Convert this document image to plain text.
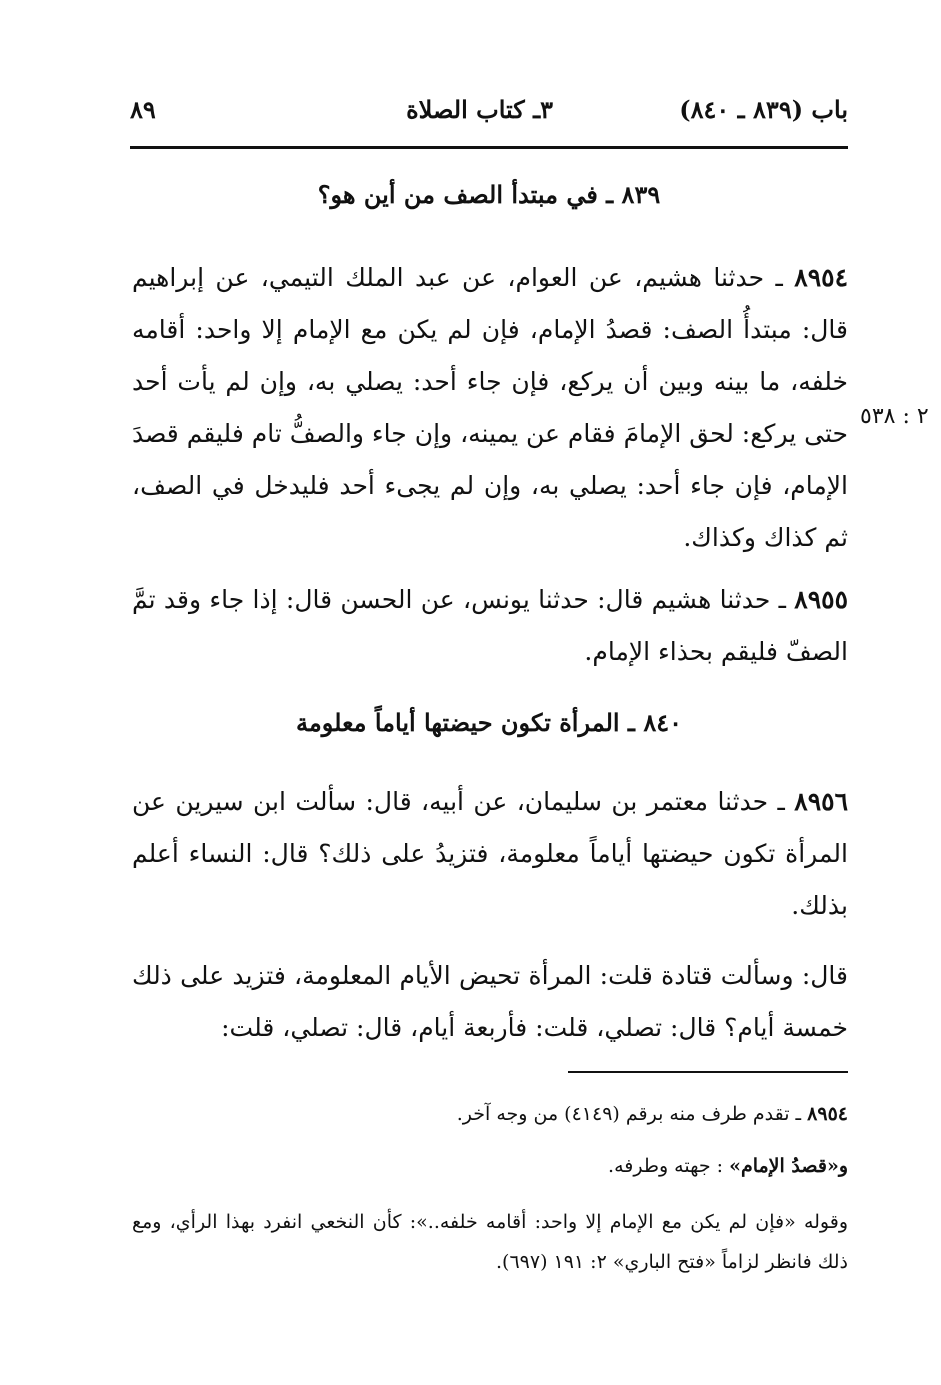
باب (٨٣٩ ـ ٨٤٠)
٣ـ كتاب الصلاة
٨٩
٨٣٩ ـ في مبتدأ الصف من أين هو؟

٨٩٥٤ ـ حدثنا هشيم، عن العوام، عن عبد الملك التيمي، عن إبراهيم قال: مبتدأُ الصف: قصدُ الإمام، فإن لم يكن مع الإمام إلا واحد: أقامه خلفه، ما بينه وبين أن يركع، فإن جاء أحد: يصلي به، وإن لم يأت أحد حتى يركع: لحق الإمامَ فقام عن يمينه، وإن جاء والصفُّ تام فليقم قصدَ الإمام، فإن جاء أحد: يصلي به، وإن لم يجىء أحد فليدخل في الصف، ثم كذاك وكذاك.

٢ : ٥٣٨

٨٩٥٥ ـ حدثنا هشيم قال: حدثنا يونس، عن الحسن قال: إذا جاء وقد تمَّ الصفّ فليقم بحذاء الإمام.

٨٤٠ ـ المرأة تكون حيضتها أياماً معلومة

٨٩٥٦ ـ حدثنا معتمر بن سليمان، عن أبيه، قال: سألت ابن سيرين عن المرأة تكون حيضتها أياماً معلومة، فتزيدُ على ذلك؟ قال: النساء أعلم بذلك.

قال: وسألت قتادة قلت: المرأة تحيض الأيام المعلومة، فتزيد على ذلك خمسة أيام؟ قال: تصلي، قلت: فأربعة أيام، قال: تصلي، قلت:

٨٩٥٤ ـ تقدم طرف منه برقم (٤١٤٩) من وجه آخر.

و«قصدُ الإمام» : جهته وطرفه.

وقوله «فإن لم يكن مع الإمام إلا واحد: أقامه خلفه..»: كأن النخعي انفرد بهذا الرأي، ومع ذلك فانظر لزاماً «فتح الباري» ٢: ١٩١ (٦٩٧).
